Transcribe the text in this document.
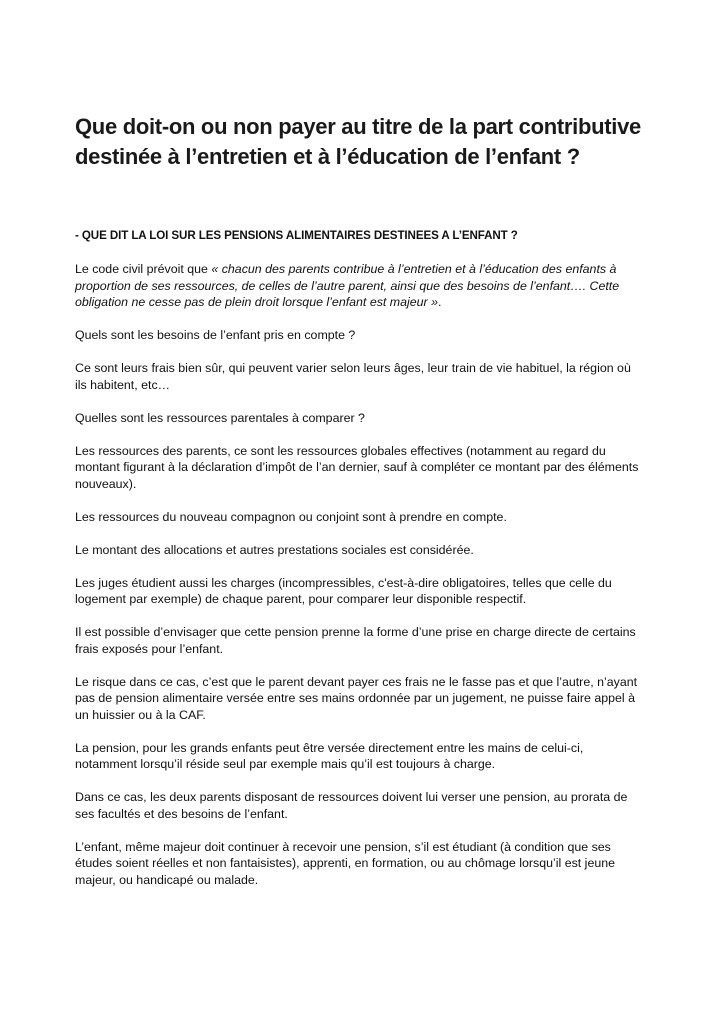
Que doit-on ou non payer au titre de la part contributive destinée à l’entretien et à l’éducation de l’enfant ?

- QUE DIT LA LOI SUR LES PENSIONS ALIMENTAIRES DESTINEES A L’ENFANT ?

Le code civil prévoit que « chacun des parents contribue à l’entretien et à l’éducation des enfants à proportion de ses ressources, de celles de l’autre parent, ainsi que des besoins de l’enfant…. Cette obligation ne cesse pas de plein droit lorsque l’enfant est majeur ».

Quels sont les besoins de l’enfant pris en compte ?

Ce sont leurs frais bien sûr, qui peuvent varier selon leurs âges, leur train de vie habituel, la région où ils habitent, etc…

Quelles sont les ressources parentales à comparer ?

Les ressources des parents, ce sont les ressources globales effectives (notamment au regard du montant figurant à la déclaration d’impôt de l’an dernier, sauf à compléter ce montant par des éléments nouveaux).

Les ressources du nouveau compagnon ou conjoint sont à prendre en compte.

Le montant des allocations et autres prestations sociales est considérée.

Les juges étudient aussi les charges (incompressibles, c'est-à-dire obligatoires, telles que celle du logement par exemple) de chaque parent, pour comparer leur disponible respectif.

Il est possible d’envisager que cette pension prenne la forme d’une prise en charge directe de certains frais exposés pour l’enfant.

Le risque dans ce cas, c’est que le parent devant payer ces frais ne le fasse pas et que l’autre, n’ayant pas de pension alimentaire versée entre ses mains ordonnée par un jugement, ne puisse faire appel à un huissier ou à la CAF.

La pension, pour les grands enfants peut être versée directement entre les mains de celui-ci, notamment lorsqu’il réside seul par exemple mais qu’il est toujours à charge.

Dans ce cas, les deux parents disposant de ressources doivent lui verser une pension, au prorata de ses facultés et des besoins de l’enfant.

L’enfant, même majeur doit continuer à recevoir une pension, s’il est étudiant (à condition que ses études soient réelles et non fantaisistes), apprenti, en formation, ou au chômage lorsqu’il est jeune majeur, ou handicapé ou malade.
